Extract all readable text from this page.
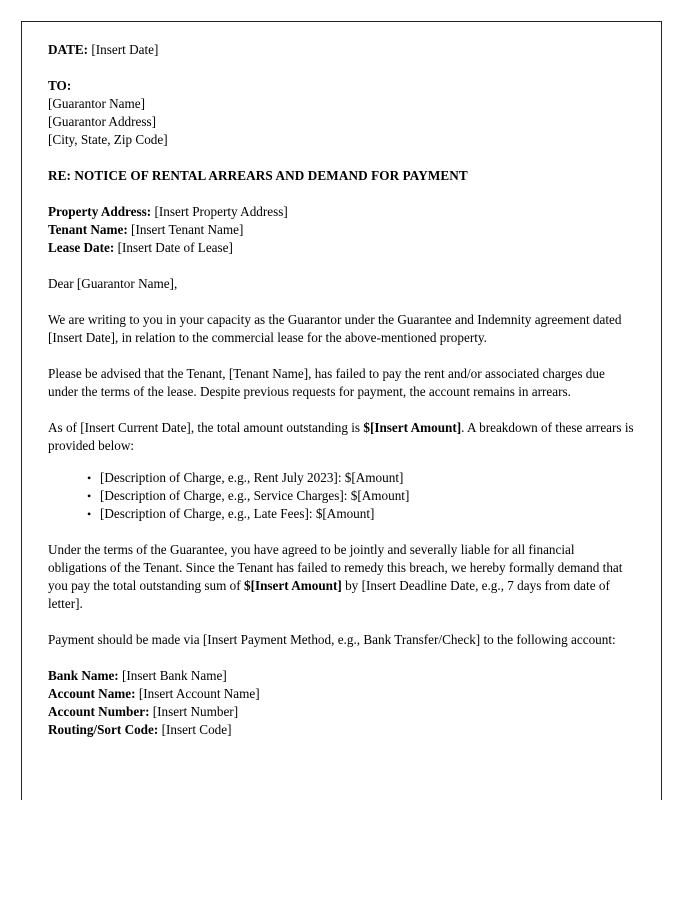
DATE: [Insert Date]
TO:
[Guarantor Name]
[Guarantor Address]
[City, State, Zip Code]
RE: NOTICE OF RENTAL ARREARS AND DEMAND FOR PAYMENT
Property Address: [Insert Property Address]
Tenant Name: [Insert Tenant Name]
Lease Date: [Insert Date of Lease]

Dear [Guarantor Name],

We are writing to you in your capacity as the Guarantor under the Guarantee and Indemnity agreement dated [Insert Date], in relation to the commercial lease for the above-mentioned property.

Please be advised that the Tenant, [Tenant Name], has failed to pay the rent and/or associated charges due under the terms of the lease. Despite previous requests for payment, the account remains in arrears.

As of [Insert Current Date], the total amount outstanding is $[Insert Amount]. A breakdown of these arrears is provided below:

• [Description of Charge, e.g., Rent July 2023]: $[Amount]
• [Description of Charge, e.g., Service Charges]: $[Amount]
• [Description of Charge, e.g., Late Fees]: $[Amount]

Under the terms of the Guarantee, you have agreed to be jointly and severally liable for all financial obligations of the Tenant. Since the Tenant has failed to remedy this breach, we hereby formally demand that you pay the total outstanding sum of $[Insert Amount] by [Insert Deadline Date, e.g., 7 days from date of letter].

Payment should be made via [Insert Payment Method, e.g., Bank Transfer/Check] to the following account:

Bank Name: [Insert Bank Name]
Account Name: [Insert Account Name]
Account Number: [Insert Number]
Routing/Sort Code: [Insert Code]
